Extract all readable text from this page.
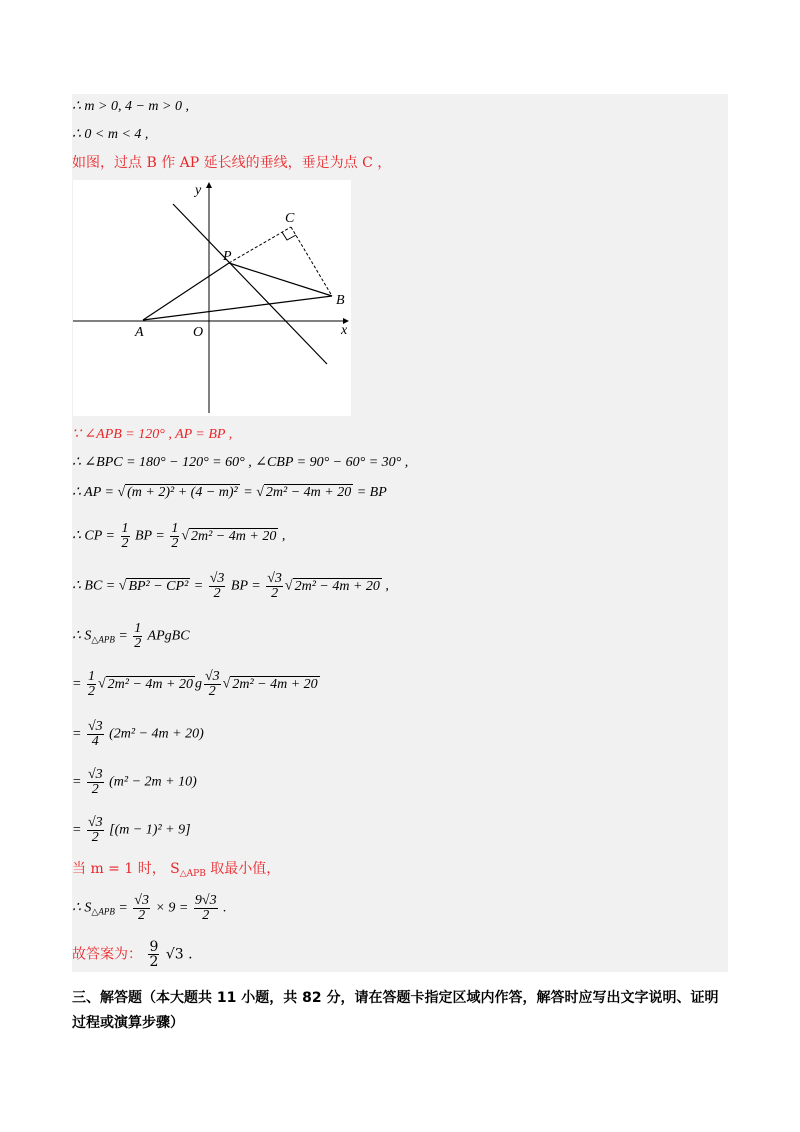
∴ m > 0, 4 − m > 0 ,
∴ 0 < m < 4 ,
如图，过点 B 作 AP 延长线的垂线，垂足为点 C ，
y
x
O
A
B
C
P
∵ ∠APB = 120° , AP = BP ,
∴ ∠BPC = 180° − 120° = 60° , ∠CBP = 90° − 60° = 30° ,
∴ AP = √ (m + 2)² + (4 − m)² = √ 2m² − 4m + 20 = BP
∴ CP = $\frac{1}{2}$ BP = $\frac{1}{2}$ √ 2m² − 4m + 20 ,
∴ BC = √ $BP^2 - CP^2 = \frac{√3}{2}$ BP = $\frac{√3}{2}$ √ 2m² − 4m + 20 ,
∴ $S_{\triangle APB} = \frac{1}{2}$ APgBC
= $\frac{1}{2}$ √ 2m² − 4m + 20 g $\frac{√3}{2}$ √ 2m² − 4m + 20
= $\frac{√3}{4} (2m^2 - 4m + 20)$
= $\frac{√3}{2} (m^2 - 2m + 10)$
= $\frac{√3}{2} [(m - 1)^2 + 9]$
当 m = 1 时， $S_{\triangle APB}$ 取最小值，
∴ $S_{\triangle APB} = \frac{√3}{2} \times 9 = \frac{9√3}{2}$ .
故答案为： $\frac{9}{2} √3$ .
三、解答题（本大题共 11 小题，共 82 分，请在答题卡指定区域内作答，解答时应写出文字说明、证明过程或演算步骤）
